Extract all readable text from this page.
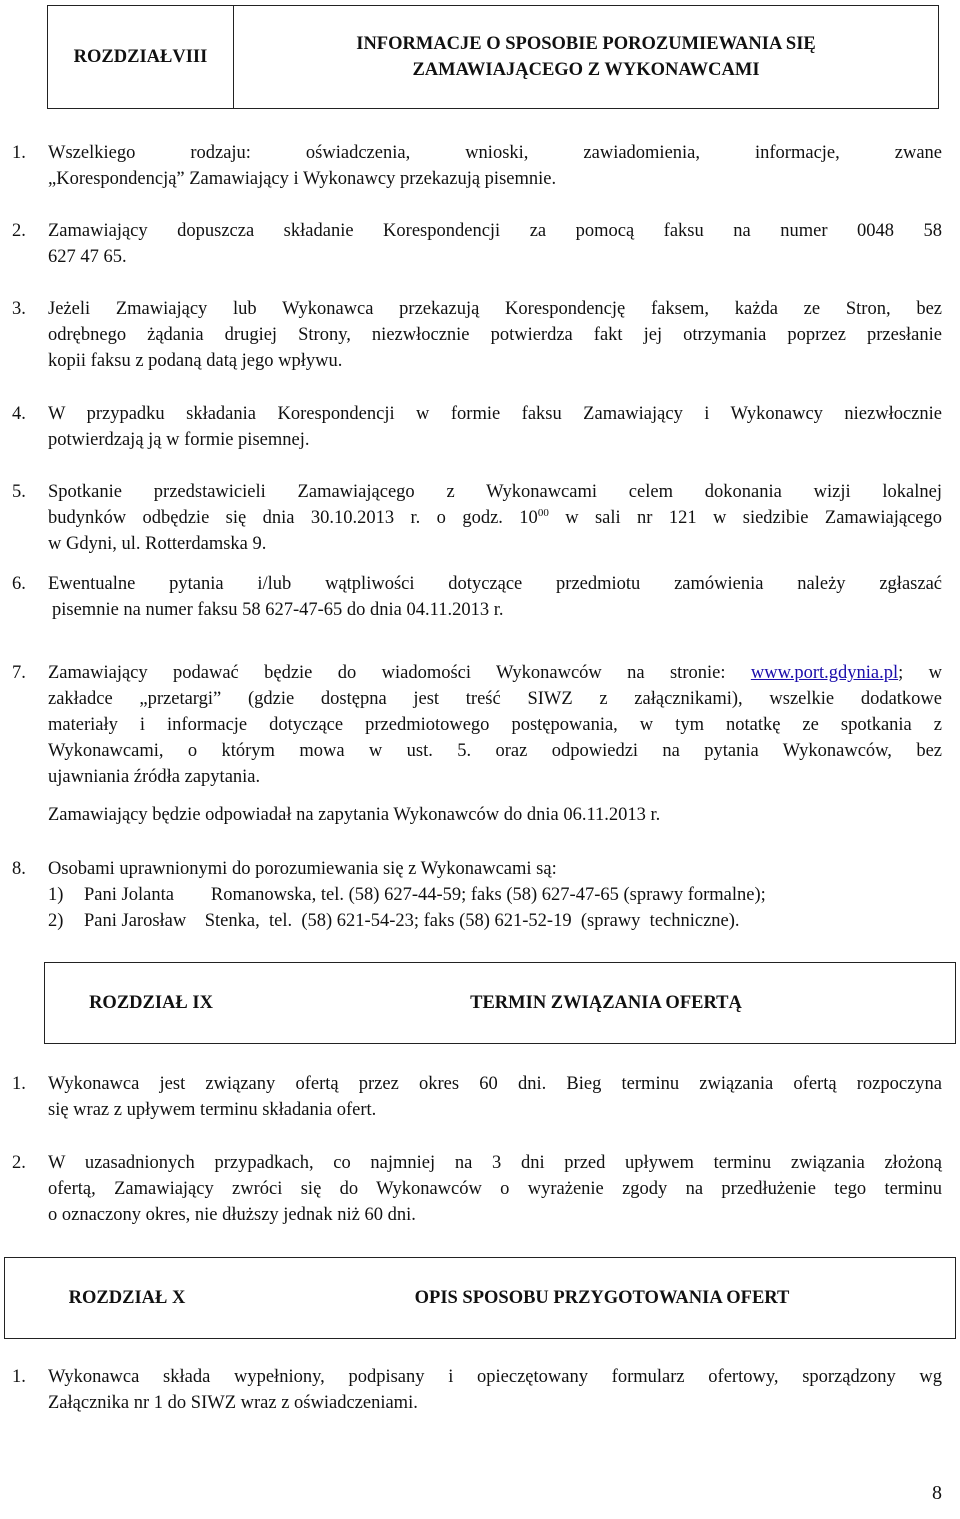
ROZDZIAŁVIII
INFORMACJE O SPOSOBIE POROZUMIEWANIA SIĘ
ZAMAWIAJĄCEGO Z WYKONAWCAMI
1. Wszelkiego rodzaju: oświadczenia, wnioski, zawiadomienia, informacje, zwane
„Korespondencją” Zamawiający i Wykonawcy przekazują pisemnie.
2. Zamawiający dopuszcza składanie Korespondencji za pomocą faksu na numer 0048 58
627 47 65.
3. Jeżeli Zmawiający lub Wykonawca przekazują Korespondencję faksem, każda ze Stron, bez
odrębnego żądania drugiej Strony, niezwłocznie potwierdza fakt jej otrzymania poprzez przesłanie
kopii faksu z podaną datą jego wpływu.
4. W przypadku składania Korespondencji w formie faksu Zamawiający i Wykonawcy niezwłocznie
potwierdzają ją w formie pisemnej.
5. Spotkanie przedstawicieli Zamawiającego z Wykonawcami celem dokonania wizji lokalnej
budynków odbędzie się dnia 30.10.2013 r. o godz. $10^{00}$ w sali nr 121 w siedzibie Zamawiającego
w Gdyni, ul. Rotterdamska 9.
6. Ewentualne pytania i/lub wątpliwości dotyczące przedmiotu zamówienia należy zgłaszać
pisemnie na numer faksu 58 627-47-65 do dnia 04.11.2013 r.
7. Zamawiający podawać będzie do wiadomości Wykonawców na stronie: www.port.gdynia.pl; w
zakładce „przetargi” (gdzie dostępna jest treść SIWZ z załącznikami), wszelkie dodatkowe
materiały i informacje dotyczące przedmiotowego postępowania, w tym notatkę ze spotkania z
Wykonawcami, o którym mowa w ust. 5. oraz odpowiedzi na pytania Wykonawców, bez
ujawniania źródła zapytania.
Zamawiający będzie odpowiadał na zapytania Wykonawców do dnia 06.11.2013 r.
8. Osobami uprawnionymi do porozumiewania się z Wykonawcami są:
1) Pani Jolanta        Romanowska, tel. (58) 627-44-59; faks (58) 627-47-65 (sprawy formalne);
2) Pani Jarosław    Stenka,  tel.  (58) 621-54-23; faks (58) 621-52-19  (sprawy  techniczne).
ROZDZIAŁ IX	TERMIN ZWIĄZANIA OFERTĄ
1. Wykonawca jest związany ofertą przez okres 60 dni. Bieg terminu związania ofertą rozpoczyna
się wraz z upływem terminu składania ofert.
2. W uzasadnionych przypadkach, co najmniej na 3 dni przed upływem terminu związania złożoną
ofertą, Zamawiający zwróci się do Wykonawców o wyrażenie zgody na przedłużenie tego terminu
o oznaczony okres, nie dłuższy jednak niż 60 dni.
ROZDZIAŁ X	OPIS SPOSOBU PRZYGOTOWANIA OFERT
1. Wykonawca składa wypełniony, podpisany i opieczętowany formularz ofertowy, sporządzony wg
Załącznika nr 1 do SIWZ wraz z oświadczeniami.
8
